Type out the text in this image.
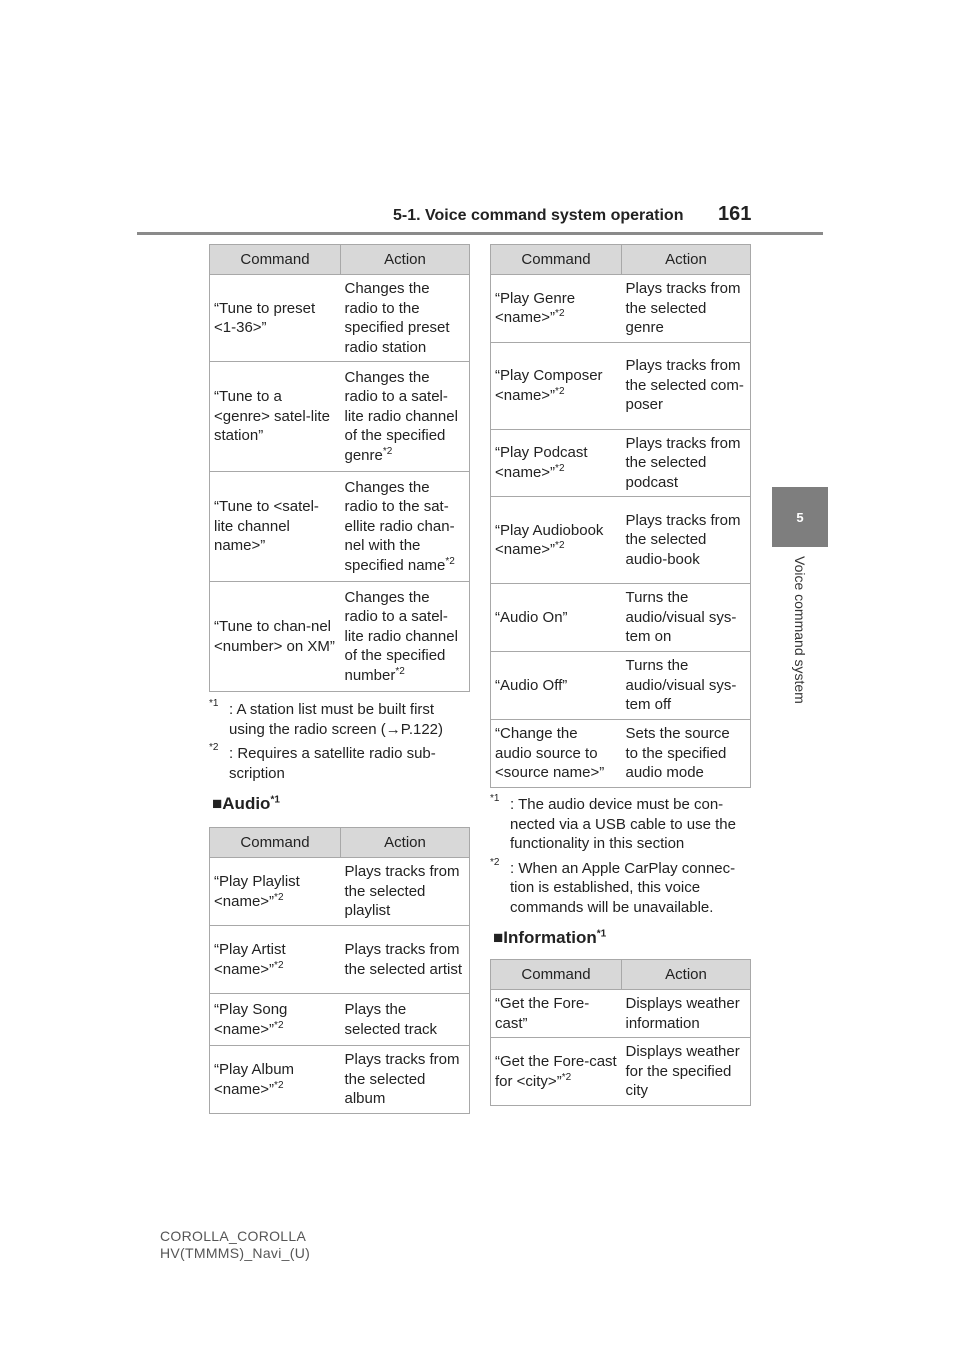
5-1. Voice command system operation 161
5
Voice command system
Command	Action
“Tune to preset <1-36>”	Changes the radio to the specified preset radio station
“Tune to a <genre> satel-lite station”	Changes the radio to a satel-lite radio channel of the specified genre$^{*2}$
“Tune to <satel-lite channel name>”	Changes the radio to the sat-ellite radio chan-nel with the specified name$^{*2}$
“Tune to chan-nel <number> on XM”	Changes the radio to a satel-lite radio channel of the specified number$^{*2}$
*1 : A station list must be built first using the radio screen (→P.122)
*2 : Requires a satellite radio sub-scription
■Audio$^{*1}$
Command	Action
“Play Playlist <name>”$^{*2}$	Plays tracks from the selected playlist
“Play Artist <name>”$^{*2}$	Plays tracks from the selected artist
“Play Song <name>”$^{*2}$	Plays the selected track
“Play Album <name>”$^{*2}$	Plays tracks from the selected album
Command	Action
“Play Genre <name>”$^{*2}$	Plays tracks from the selected genre
“Play Composer <name>”$^{*2}$	Plays tracks from the selected com-poser
“Play Podcast <name>”$^{*2}$	Plays tracks from the selected podcast
“Play Audiobook <name>”$^{*2}$	Plays tracks from the selected audio-book
“Audio On”	Turns the audio/visual sys-tem on
“Audio Off”	Turns the audio/visual sys-tem off
“Change the audio source to <source name>”	Sets the source to the specified audio mode
*1 : The audio device must be con-nected via a USB cable to use the functionality in this section
*2 : When an Apple CarPlay connec-tion is established, this voice commands will be unavailable.
■Information$^{*1}$
Command	Action
“Get the Fore-cast”	Displays weather information
“Get the Fore-cast for <city>”$^{*2}$	Displays weather for the specified city
COROLLA_COROLLA
HV(TMMMS)_Navi_(U)
